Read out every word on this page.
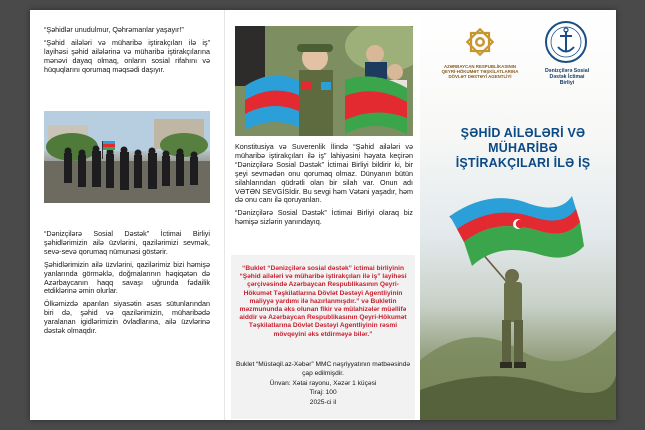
“Şəhidlər unudulmur, Qəhrəmanlar yaşayır!”

“Şəhid ailələri və müharibə iştirakçıları ilə iş” layihəsi şəhid ailələrinə və müharibə iştirakçılarına mənəvi dayaq olmaq, onların sosial rifahını və hüquqlarını qorumaq məqsədi daşıyır.

“Dənizçilərə Sosial Dəstək” İctimai Birliyi şəhidlərimizin ailə üzvlərini, qazilərimizi sevmək, sevə-sevə qorumaq nümunəsi göstərir.

Şəhidlərimizin ailə üzvlərini, qazilərimiz bizi həmişə yanlarında görməklə, doğmalarının həqiqətən də Azərbaycanın haqq savaşı uğrunda fədailik etdiklərinə əmin olurlar.

Ölkəmizdə aparılan siyasətin əsas sütunlarından biri də, şəhid və qazilərimizin, müharibədə yaralanan igidlərimizin övladlarına, ailə üzvlərinə dəstək olmaqdır.

Konstitusiya və Suverenlik İlində “Şəhid ailələri və müharibə iştirakçıları ilə iş” lahiyəsini həyata keçirən “Dənizçilərə Sosial Dəstək” İctimai Birliyi bildirir ki, bir şeyi sevmədən onu qorumaq olmaz. Dünyanın bütün silahlarından qüdrətli olan bir silah var. Onun adı VƏTƏN SEVGİSİdir. Bu sevgi həm Vətəni yaşadır, həm də onu canı ilə qoruyanları.

“Dənizçilərə Sosial Dəstək” İctimai Birliyi olaraq biz həmişə sizlərin yanındayıq.

“Buklet “Dənizçilərə sosial dəstək” ictimai birliyinin “Şəhid ailələri və müharibə iştirakçıları ilə iş” layihəsi çərçivəsində Azərbaycan Respublikasının Qeyri-Hökumət Təşkilatlarına Dövlət Dəstəyi Agentliyinin maliyyə yardımı ilə hazırlanmışdır.” və Bukletin məzmununda əks olunan fikir və mülahizələr müəllifə aiddir və Azərbaycan Respublikasının Qeyri-Hökumət Təşkilatlarına Dövlət Dəstəyi Agentliyinin rəsmi mövqeyini əks etdirməyə bilər.”
Buklet “Müstəqil.az-Xəbər” MMC nəşriyyatının mətbəəsində çap edilmişdir.
Ünvan: Xətai rayonu, Xəzər 1 küçəsi
Tiraj: 100
2025-ci il
AZƏRBAYCAN RESPUBLİKASININ QEYRİ-HÖKUMƏT TƏŞKİLATLARINA DÖVLƏT DƏSTƏYİ AGENTLİYİ
Dənizçilərə Sosial Dəstək İctimai Birliyi
ŞƏHİD AİLƏLƏRİ VƏ MÜHARİBƏ
İŞTİRAKÇILARI İLƏ İŞ
